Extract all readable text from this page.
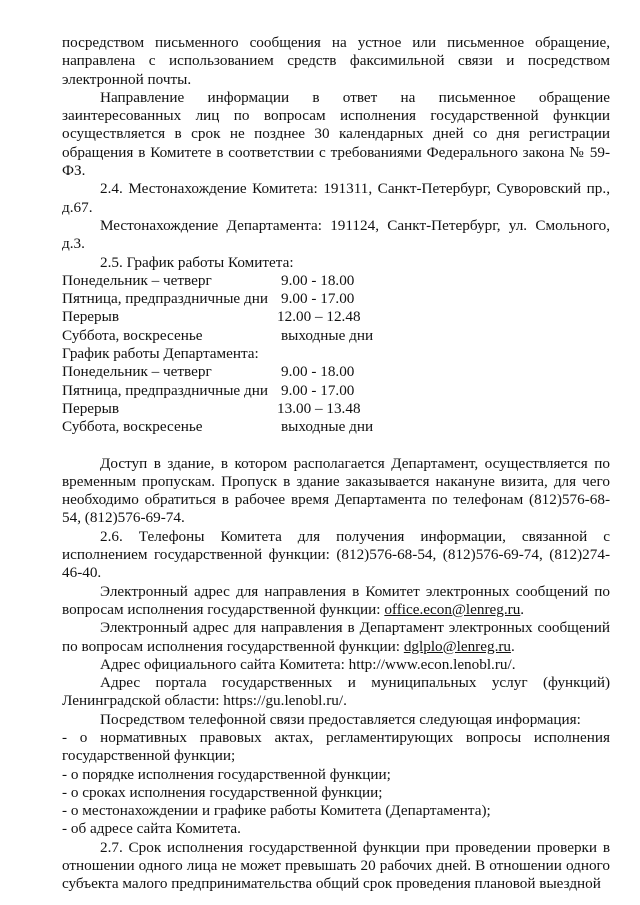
посредством письменного сообщения на устное или письменное обращение, направлена с использованием средств факсимильной связи и посредством электронной почты.

Направление информации в ответ на письменное обращение заинтересованных лиц по вопросам исполнения государственной функции осуществляется в срок не позднее 30 календарных дней со дня регистрации обращения в Комитете в соответствии с требованиями Федерального закона № 59-ФЗ.

2.4. Местонахождение Комитета: 191311, Санкт-Петербург, Суворовский пр., д.67.

Местонахождение Департамента: 191124, Санкт-Петербург, ул. Смольного, д.3.

2.5. График работы Комитета:

Понедельник – четверг	9.00 - 18.00
Пятница, предпраздничные дни 9.00 - 17.00
Перерыв	12.00 – 12.48
Суббота, воскресенье	выходные дни

График работы Департамента:

Понедельник – четверг	9.00 - 18.00
Пятница, предпраздничные дни 9.00 - 17.00
Перерыв	13.00 – 13.48
Суббота, воскресенье	выходные дни

Доступ в здание, в котором располагается Департамент, осуществляется по временным пропускам. Пропуск в здание заказывается накануне визита, для чего необходимо обратиться в рабочее время Департамента по телефонам (812)576-68-54, (812)576-69-74.

2.6. Телефоны Комитета для получения информации, связанной с исполнением государственной функции: (812)576-68-54, (812)576-69-74, (812)274-46-40.

Электронный адрес для направления в Комитет электронных сообщений по вопросам исполнения государственной функции: office.econ@lenreg.ru.

Электронный адрес для направления в Департамент электронных сообщений по вопросам исполнения государственной функции: dglplo@lenreg.ru.

Адрес официального сайта Комитета: http://www.econ.lenobl.ru/.

Адрес портала государственных и муниципальных услуг (функций) Ленинградской области: https://gu.lenobl.ru/.

Посредством телефонной связи предоставляется следующая информация:

- о нормативных правовых актах, регламентирующих вопросы исполнения государственной функции;

- о порядке исполнения государственной функции;

- о сроках исполнения государственной функции;

- о местонахождении и графике работы Комитета (Департамента);

- об адресе сайта Комитета.

2.7. Срок исполнения государственной функции при проведении проверки в отношении одного лица не может превышать 20 рабочих дней. В отношении одного субъекта малого предпринимательства общий срок проведения плановой выездной
